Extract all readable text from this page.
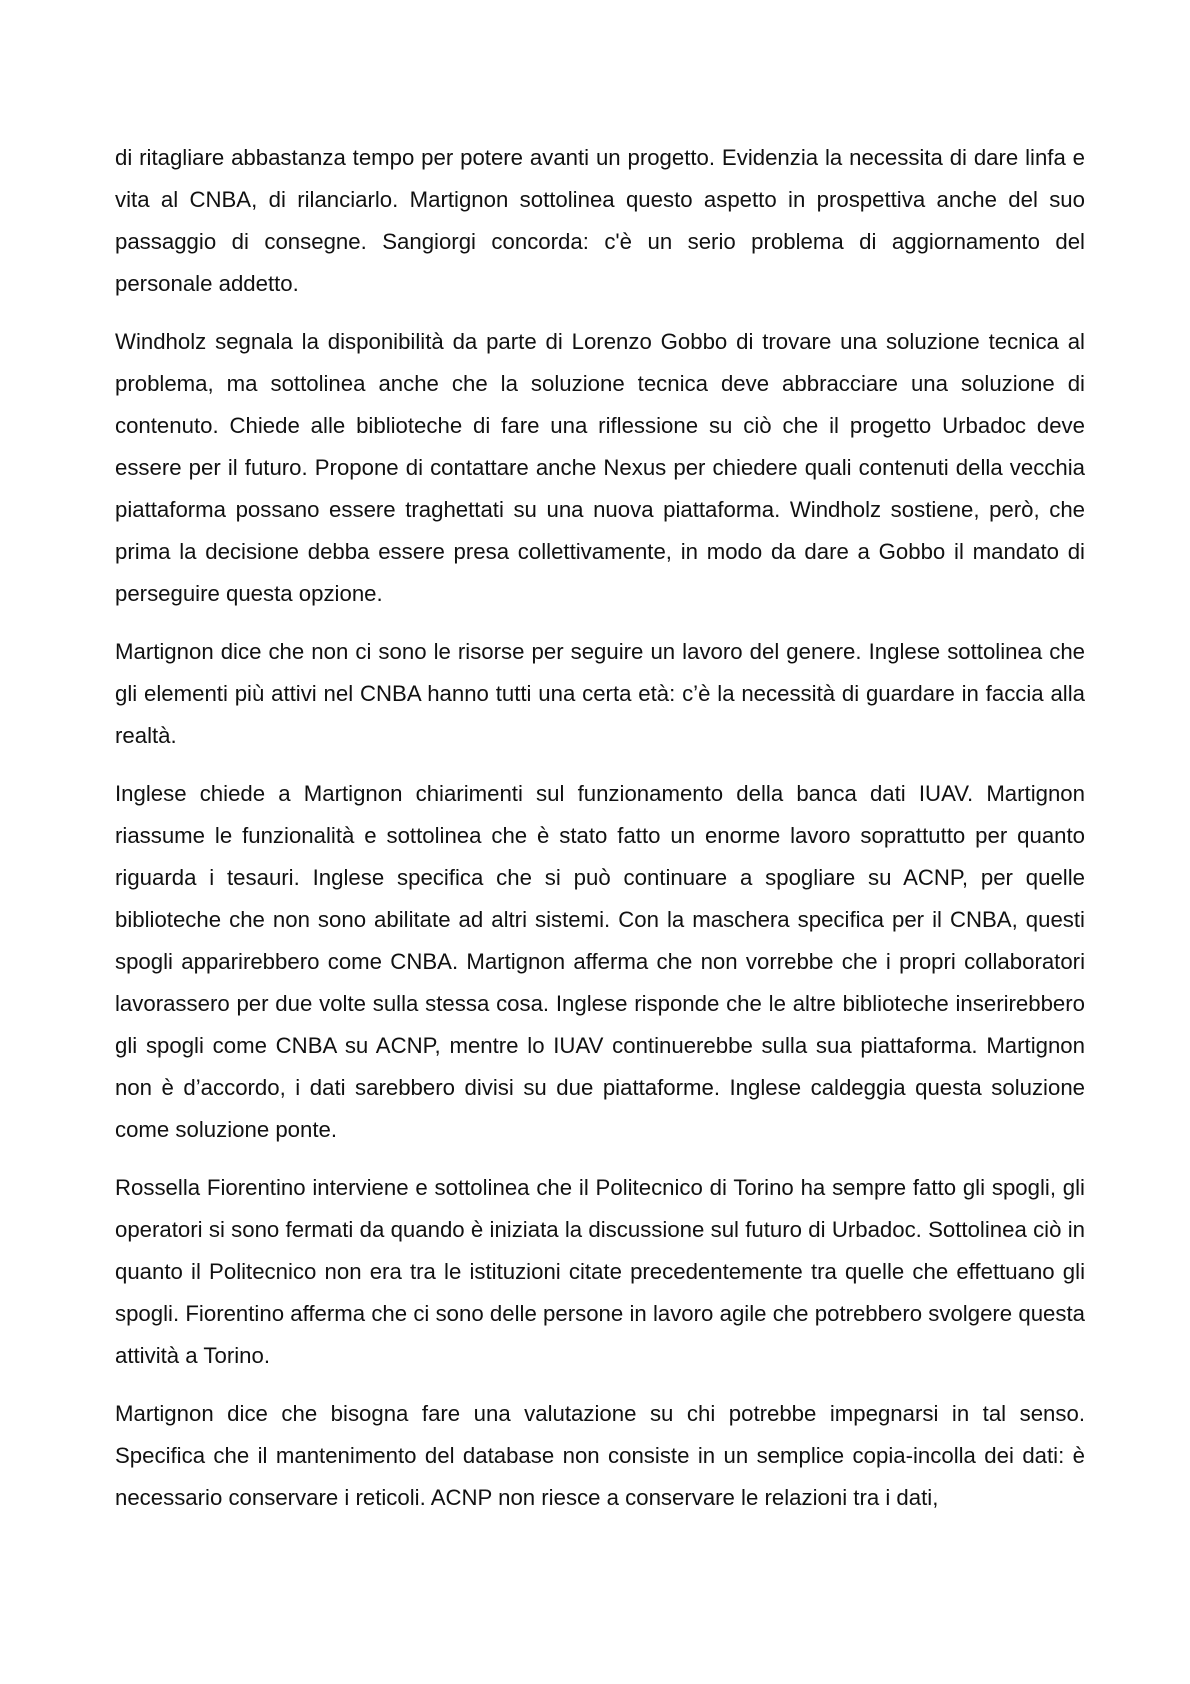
di ritagliare abbastanza tempo per potere avanti un progetto. Evidenzia la necessita di dare linfa e vita al CNBA, di rilanciarlo. Martignon sottolinea questo aspetto in prospettiva anche del suo passaggio di consegne. Sangiorgi concorda: c'è un serio problema di aggiornamento del personale addetto.

Windholz segnala la disponibilità da parte di Lorenzo Gobbo di trovare una soluzione tecnica al problema, ma sottolinea anche che la soluzione tecnica deve abbracciare una soluzione di contenuto. Chiede alle biblioteche di fare una riflessione su ciò che il progetto Urbadoc deve essere per il futuro. Propone di contattare anche Nexus per chiedere quali contenuti della vecchia piattaforma possano essere traghettati su una nuova piattaforma. Windholz sostiene, però, che prima la decisione debba essere presa collettivamente, in modo da dare a Gobbo il mandato di perseguire questa opzione.

Martignon dice che non ci sono le risorse per seguire un lavoro del genere. Inglese sottolinea che gli elementi più attivi nel CNBA hanno tutti una certa età: c’è la necessità di guardare in faccia alla realtà.

Inglese chiede a Martignon chiarimenti sul funzionamento della banca dati IUAV. Martignon riassume le funzionalità e sottolinea che è stato fatto un enorme lavoro soprattutto per quanto riguarda i tesauri. Inglese specifica che si può continuare a spogliare su ACNP, per quelle biblioteche che non sono abilitate ad altri sistemi. Con la maschera specifica per il CNBA, questi spogli apparirebbero come CNBA. Martignon afferma che non vorrebbe che i propri collaboratori lavorassero per due volte sulla stessa cosa. Inglese risponde che le altre biblioteche inserirebbero gli spogli come CNBA su ACNP, mentre lo IUAV continuerebbe sulla sua piattaforma. Martignon non è d’accordo, i dati sarebbero divisi su due piattaforme. Inglese caldeggia questa soluzione come soluzione ponte.

Rossella Fiorentino interviene e sottolinea che il Politecnico di Torino ha sempre fatto gli spogli, gli operatori si sono fermati da quando è iniziata la discussione sul futuro di Urbadoc. Sottolinea ciò in quanto il Politecnico non era tra le istituzioni citate precedentemente tra quelle che effettuano gli spogli. Fiorentino afferma che ci sono delle persone in lavoro agile che potrebbero svolgere questa attività a Torino.

Martignon dice che bisogna fare una valutazione su chi potrebbe impegnarsi in tal senso. Specifica che il mantenimento del database non consiste in un semplice copia-incolla dei dati: è necessario conservare i reticoli. ACNP non riesce a conservare le relazioni tra i dati,
